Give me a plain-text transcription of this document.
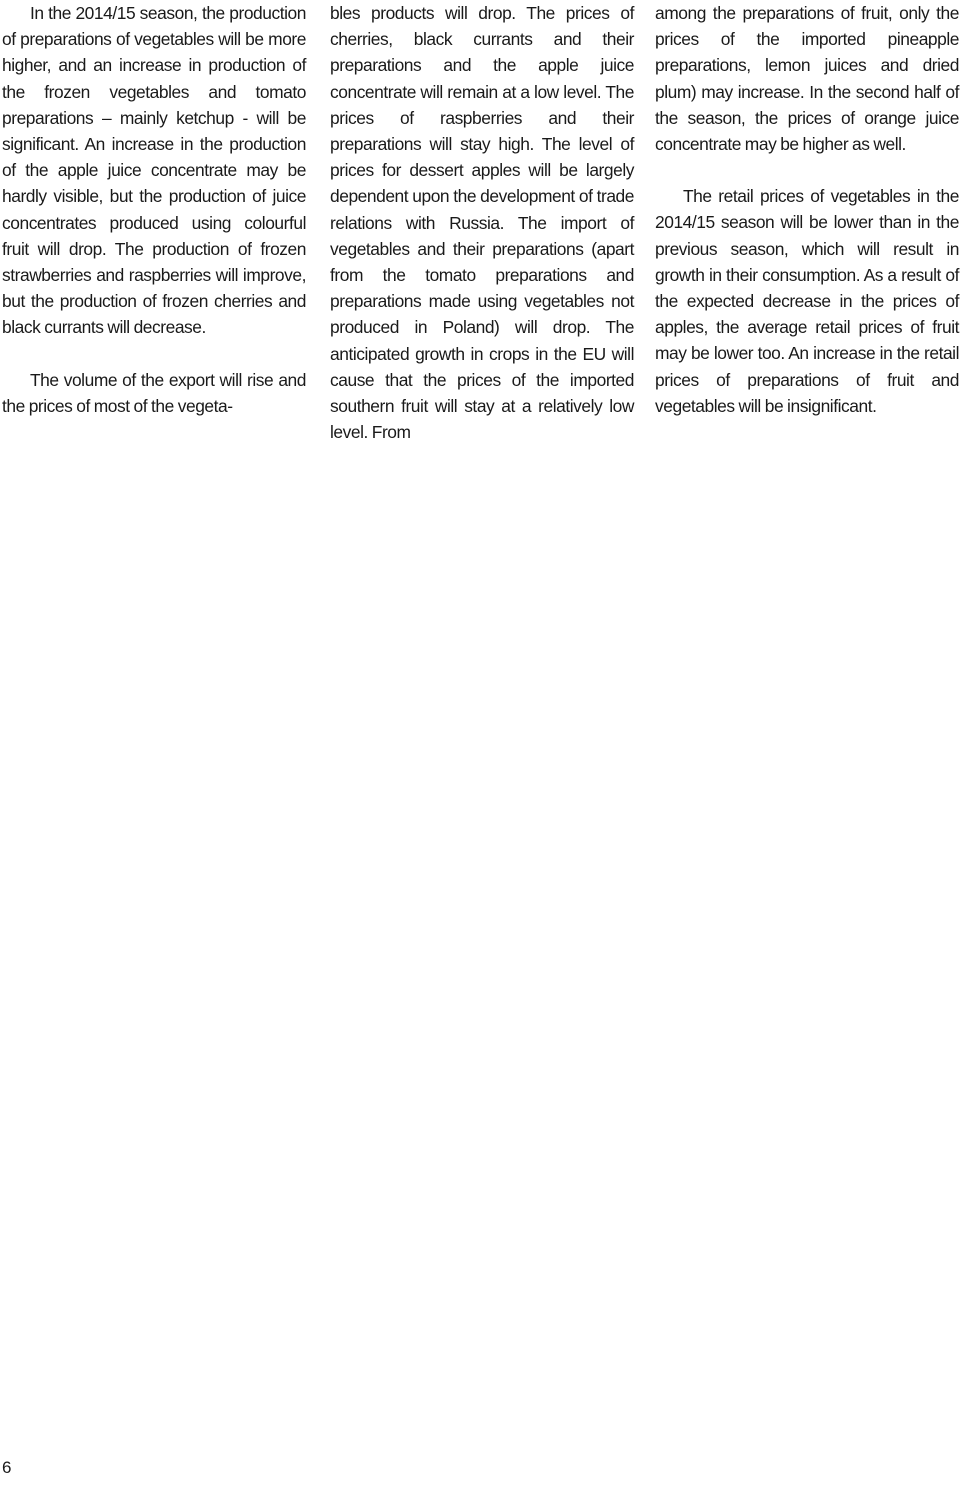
In the 2014/15 season, the production of preparations of vegetables will be more higher, and an increase in production of the frozen vegetables and tomato preparations – mainly ketchup - will be significant. An increase in the production of the apple juice concentrate may be hardly visible, but the production of juice concentrates produced using colourful fruit will drop. The production of frozen strawberries and raspberries will improve, but the production of frozen cherries and black currants will decrease.

The volume of the export will rise and the prices of most of the vegeta-

bles products will drop. The prices of cherries, black currants and their preparations and the apple juice concentrate will remain at a low level. The prices of raspberries and their preparations will stay high. The level of prices for dessert apples will be largely dependent upon the development of trade relations with Russia. The import of vegetables and their preparations (apart from the tomato preparations and preparations made using vegetables not produced in Poland) will drop. The anticipated growth in crops in the EU will cause that the prices of the imported southern fruit will stay at a relatively low level. From

among the preparations of fruit, only the prices of the imported pineapple preparations, lemon juices and dried plum) may increase. In the second half of the season, the prices of orange juice concentrate may be higher as well.

The retail prices of vegetables in the 2014/15 season will be lower than in the previous season, which will result in growth in their consumption. As a result of the expected decrease in the prices of apples, the average retail prices of fruit may be lower too. An increase in the retail prices of preparations of fruit and vegetables will be insignificant.

6
